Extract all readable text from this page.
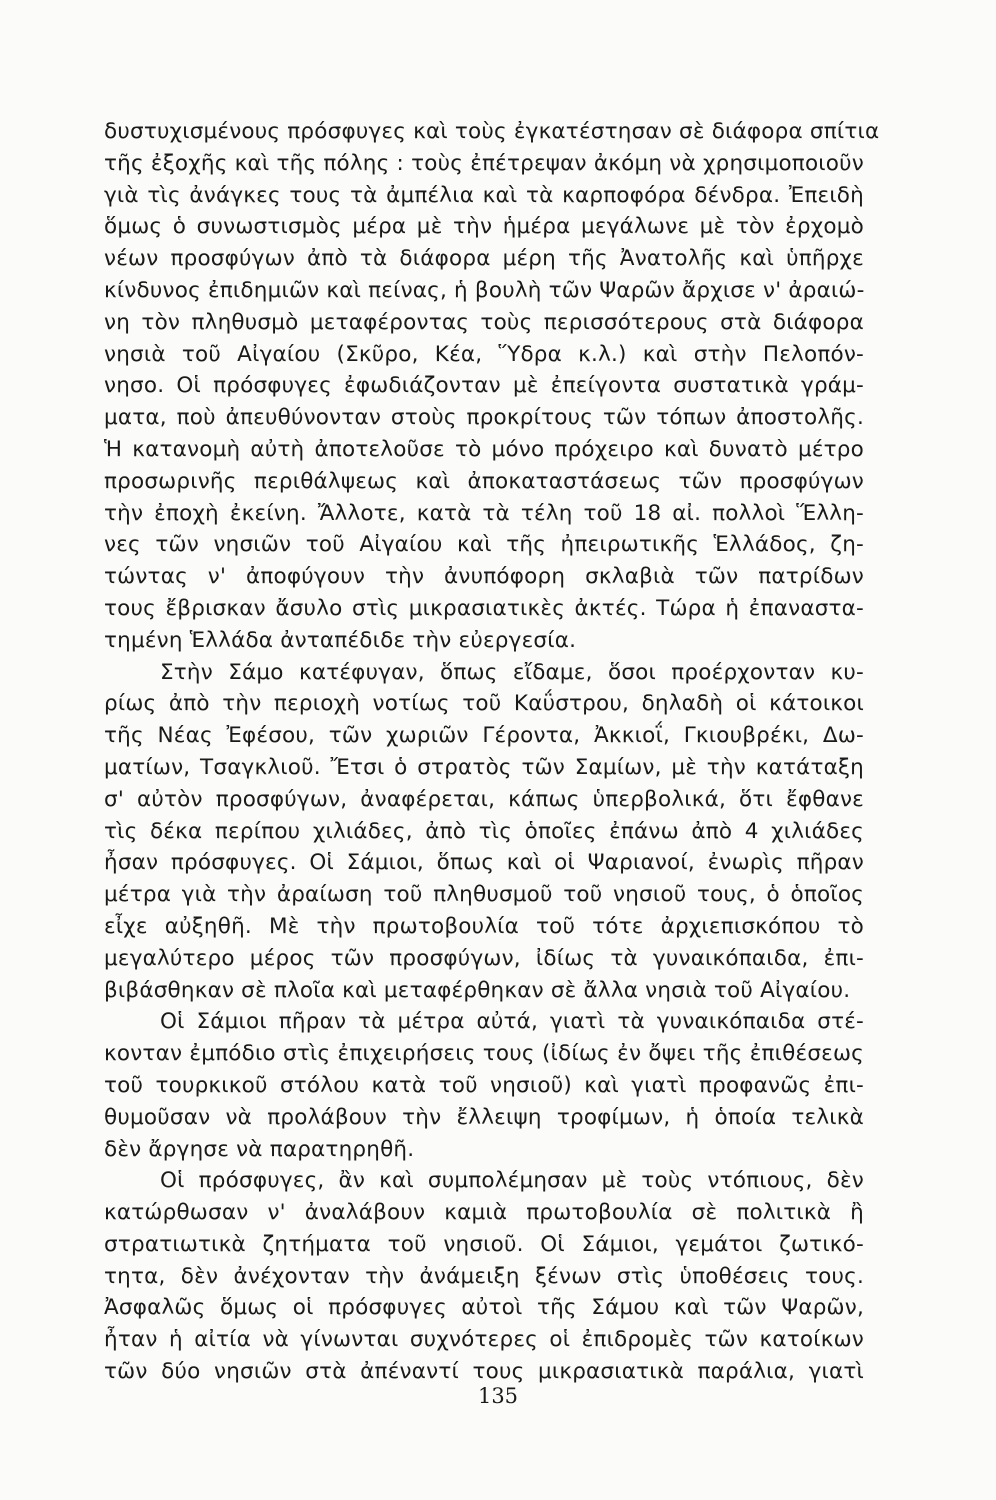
δυστυχισμένους πρόσφυγες καὶ τοὺς ἐγκατέστησαν σὲ διάφορα σπίτια
τῆς ἐξοχῆς καὶ τῆς πόλης : τοὺς ἐπέτρεψαν ἀκόμη νὰ χρησιμοποιοῦν
γιὰ τὶς ἀνάγκες τους τὰ ἀμπέλια καὶ τὰ καρποφόρα δένδρα. Ἐπειδὴ
ὅμως ὁ συνωστισμὸς μέρα μὲ τὴν ἡμέρα μεγάλωνε μὲ τὸν ἐρχομὸ
νέων προσφύγων ἀπὸ τὰ διάφορα μέρη τῆς Ἀνατολῆς καὶ ὑπῆρχε
κίνδυνος ἐπιδημιῶν καὶ πείνας, ἡ βουλὴ τῶν Ψαρῶν ἄρχισε ν' ἀραιώ-
νη τὸν πληθυσμὸ μεταφέροντας τοὺς περισσότερους στὰ διάφορα
νησιὰ τοῦ Αἰγαίου (Σκῦρο, Κέα, Ὕδρα κ.λ.) καὶ στὴν Πελοπόν-
νησο. Οἱ πρόσφυγες ἐφωδιάζονταν μὲ ἐπείγοντα συστατικὰ γράμ-
ματα, ποὺ ἀπευθύνονταν στοὺς προκρίτους τῶν τόπων ἀποστολῆς.
Ἡ κατανομὴ αὐτὴ ἀποτελοῦσε τὸ μόνο πρόχειρο καὶ δυνατὸ μέτρο
προσωρινῆς περιθάλψεως καὶ ἀποκαταστάσεως τῶν προσφύγων
τὴν ἐποχὴ ἐκείνη. Ἄλλοτε, κατὰ τὰ τέλη τοῦ 18 αἰ. πολλοὶ Ἕλλη-
νες τῶν νησιῶν τοῦ Αἰγαίου καὶ τῆς ἠπειρωτικῆς Ἑλλάδος, ζη-
τώντας ν' ἀποφύγουν τὴν ἀνυπόφορη σκλαβιὰ τῶν πατρίδων
τους ἔβρισκαν ἄσυλο στὶς μικρασιατικὲς ἀκτές. Τώρα ἡ ἐπαναστα-
τημένη Ἑλλάδα ἀνταπέδιδε τὴν εὐεργεσία.
Στὴν Σάμο κατέφυγαν, ὅπως εἴδαμε, ὅσοι προέρχονταν κυ-
ρίως ἀπὸ τὴν περιοχὴ νοτίως τοῦ Καΰστρου, δηλαδὴ οἱ κάτοικοι
τῆς Νέας Ἐφέσου, τῶν χωριῶν Γέροντα, Ἀκκιοΐ, Γκιουβρέκι, Δω-
ματίων, Τσαγκλιοῦ. Ἔτσι ὁ στρατὸς τῶν Σαμίων, μὲ τὴν κατάταξη
σ' αὐτὸν προσφύγων, ἀναφέρεται, κάπως ὑπερβολικά, ὅτι ἔφθανε
τὶς δέκα περίπου χιλιάδες, ἀπὸ τὶς ὁποῖες ἐπάνω ἀπὸ 4 χιλιάδες
ἦσαν πρόσφυγες. Οἱ Σάμιοι, ὅπως καὶ οἱ Ψαριανοί, ἐνωρὶς πῆραν
μέτρα γιὰ τὴν ἀραίωση τοῦ πληθυσμοῦ τοῦ νησιοῦ τους, ὁ ὁποῖος
εἶχε αὐξηθῆ. Μὲ τὴν πρωτοβουλία τοῦ τότε ἀρχιεπισκόπου τὸ
μεγαλύτερο μέρος τῶν προσφύγων, ἰδίως τὰ γυναικόπαιδα, ἐπι-
βιβάσθηκαν σὲ πλοῖα καὶ μεταφέρθηκαν σὲ ἄλλα νησιὰ τοῦ Αἰγαίου.
Οἱ Σάμιοι πῆραν τὰ μέτρα αὐτά, γιατὶ τὰ γυναικόπαιδα στέ-
κονταν ἐμπόδιο στὶς ἐπιχειρήσεις τους (ἰδίως ἐν ὄψει τῆς ἐπιθέσεως
τοῦ τουρκικοῦ στόλου κατὰ τοῦ νησιοῦ) καὶ γιατὶ προφανῶς ἐπι-
θυμοῦσαν νὰ προλάβουν τὴν ἔλλειψη τροφίμων, ἡ ὁποία τελικὰ
δὲν ἄργησε νὰ παρατηρηθῆ.
Οἱ πρόσφυγες, ἂν καὶ συμπολέμησαν μὲ τοὺς ντόπιους, δὲν
κατώρθωσαν ν' ἀναλάβουν καμιὰ πρωτοβουλία σὲ πολιτικὰ ἢ
στρατιωτικὰ ζητήματα τοῦ νησιοῦ. Οἱ Σάμιοι, γεμάτοι ζωτικό-
τητα, δὲν ἀνέχονταν τὴν ἀνάμειξη ξένων στὶς ὑποθέσεις τους.
Ἀσφαλῶς ὅμως οἱ πρόσφυγες αὐτοὶ τῆς Σάμου καὶ τῶν Ψαρῶν,
ἦταν ἡ αἰτία νὰ γίνωνται συχνότερες οἱ ἐπιδρομὲς τῶν κατοίκων
τῶν δύο νησιῶν στὰ ἀπέναντί τους μικρασιατικὰ παράλια, γιατὶ
135
